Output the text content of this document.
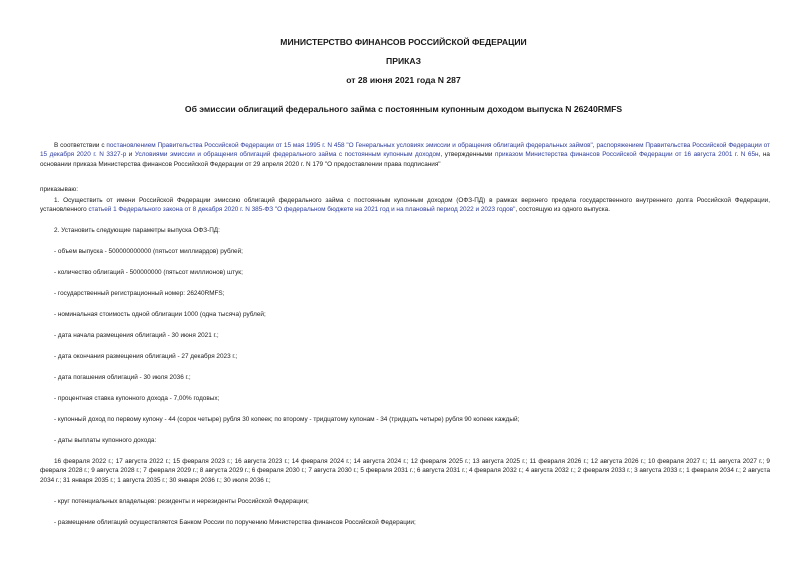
МИНИСТЕРСТВО ФИНАНСОВ РОССИЙСКОЙ ФЕДЕРАЦИИ

ПРИКАЗ

от 28 июня 2021 года N 287

Об эмиссии облигаций федерального займа с постоянным купонным доходом выпуска N 26240RMFS

В соответствии с постановлением Правительства Российской Федерации от 15 мая 1995 г. N 458 "О Генеральных условиях эмиссии и обращения облигаций федеральных займов", распоряжением Правительства Российской Федерации от 15 декабря 2020 г. N 3327-р и Условиями эмиссии и обращения облигаций федерального займа с постоянным купонным доходом, утвержденными приказом Министерства финансов Российской Федерации от 16 августа 2001 г. N 65н, на основании приказа Министерства финансов Российской Федерации от 29 апреля 2020 г. N 179 "О предоставлении права подписания"

приказываю:

1. Осуществить от имени Российской Федерации эмиссию облигаций федерального займа с постоянным купонным доходом (ОФЗ-ПД) в рамках верхнего предела государственного внутреннего долга Российской Федерации, установленного статьей 1 Федерального закона от 8 декабря 2020 г. N 385-ФЗ "О федеральном бюджете на 2021 год и на плановый период 2022 и 2023 годов", состоящую из одного выпуска.

2. Установить следующие параметры выпуска ОФЗ-ПД:

- объем выпуска - 500000000000 (пятьсот миллиардов) рублей;

- количество облигаций - 500000000 (пятьсот миллионов) штук;

- государственный регистрационный номер: 26240RMFS;

- номинальная стоимость одной облигации 1000 (одна тысяча) рублей;

- дата начала размещения облигаций - 30 июня 2021 г.;

- дата окончания размещения облигаций - 27 декабря 2023 г.;

- дата погашения облигаций - 30 июля 2036 г.;

- процентная ставка купонного дохода - 7,00% годовых;

- купонный доход по первому купону - 44 (сорок четыре) рубля 30 копеек; по второму - тридцатому купонам - 34 (тридцать четыре) рубля 90 копеек каждый;

- даты выплаты купонного дохода:

16 февраля 2022 г.; 17 августа 2022 г.; 15 февраля 2023 г.; 16 августа 2023 г.; 14 февраля 2024 г.; 14 августа 2024 г.; 12 февраля 2025 г.; 13 августа 2025 г.; 11 февраля 2026 г.; 12 августа 2026 г.; 10 февраля 2027 г.; 11 августа 2027 г.; 9 февраля 2028 г.; 9 августа 2028 г.; 7 февраля 2029 г.; 8 августа 2029 г.; 6 февраля 2030 г.; 7 августа 2030 г.; 5 февраля 2031 г.; 6 августа 2031 г.; 4 февраля 2032 г.; 4 августа 2032 г.; 2 февраля 2033 г.; 3 августа 2033 г.; 1 февраля 2034 г.; 2 августа 2034 г.; 31 января 2035 г.; 1 августа 2035 г.; 30 января 2036 г.; 30 июля 2036 г.;

- круг потенциальных владельцев: резиденты и нерезиденты Российской Федерации;

- размещение облигаций осуществляется Банком России по поручению Министерства финансов Российской Федерации;
